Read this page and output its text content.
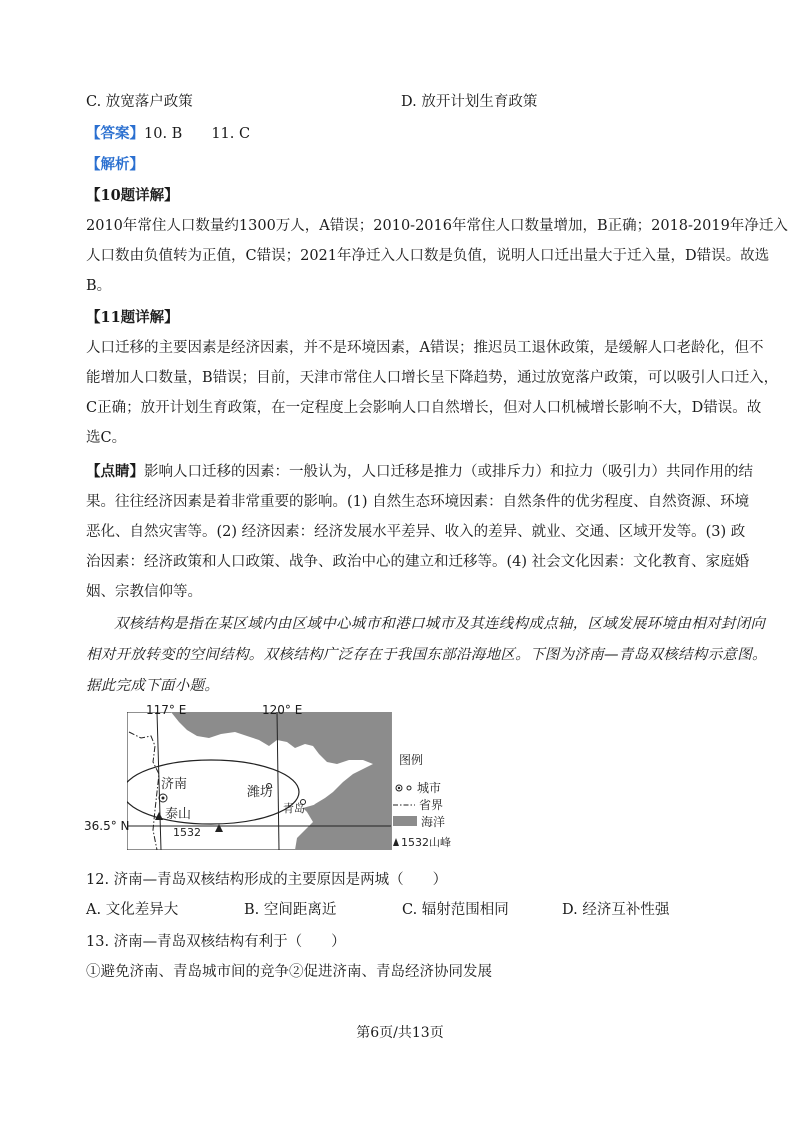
C. 放宽落户政策	D. 放开计划生育政策
【答案】10. B　　11. C
【解析】
【10题详解】
2010年常住人口数量约1300万人，A错误；2010-2016年常住人口数量增加，B正确；2018-2019年净迁入
人口数由负值转为正值，C错误；2021年净迁入人口数是负值，说明人口迁出量大于迁入量，D错误。故选
B。
【11题详解】
人口迁移的主要因素是经济因素，并不是环境因素，A错误；推迟员工退休政策，是缓解人口老龄化，但不
能增加人口数量，B错误；目前，天津市常住人口增长呈下降趋势，通过放宽落户政策，可以吸引人口迁入，
C正确；放开计划生育政策，在一定程度上会影响人口自然增长，但对人口机械增长影响不大，D错误。故
选C。
【点睛】影响人口迁移的因素：一般认为，人口迁移是推力（或排斥力）和拉力（吸引力）共同作用的结
果。往往经济因素是着非常重要的影响。(1) 自然生态环境因素：自然条件的优劣程度、自然资源、环境
恶化、自然灾害等。(2) 经济因素：经济发展水平差异、收入的差异、就业、交通、区域开发等。(3) 政
治因素：经济政策和人口政策、战争、政治中心的建立和迁移等。(4) 社会文化因素：文化教育、家庭婚
姻、宗教信仰等。
双核结构是指在某区域内由区域中心城市和港口城市及其连线构成点轴，区域发展环境由相对封闭向
相对开放转变的空间结构。双核结构广泛存在于我国东部沿海地区。下图为济南—青岛双核结构示意图。
据此完成下面小题。
济南
泰山
1532
潍坊
青岛
图例
城市
省界
海洋
1532山峰
117° E	120° E
36.5° N
12. 济南—青岛双核结构形成的主要原因是两城（　　）
A. 文化差异大	B. 空间距离近	C. 辐射范围相同	D. 经济互补性强
13. 济南—青岛双核结构有利于（　　）
①避免济南、青岛城市间的竞争②促进济南、青岛经济协同发展
第6页/共13页
